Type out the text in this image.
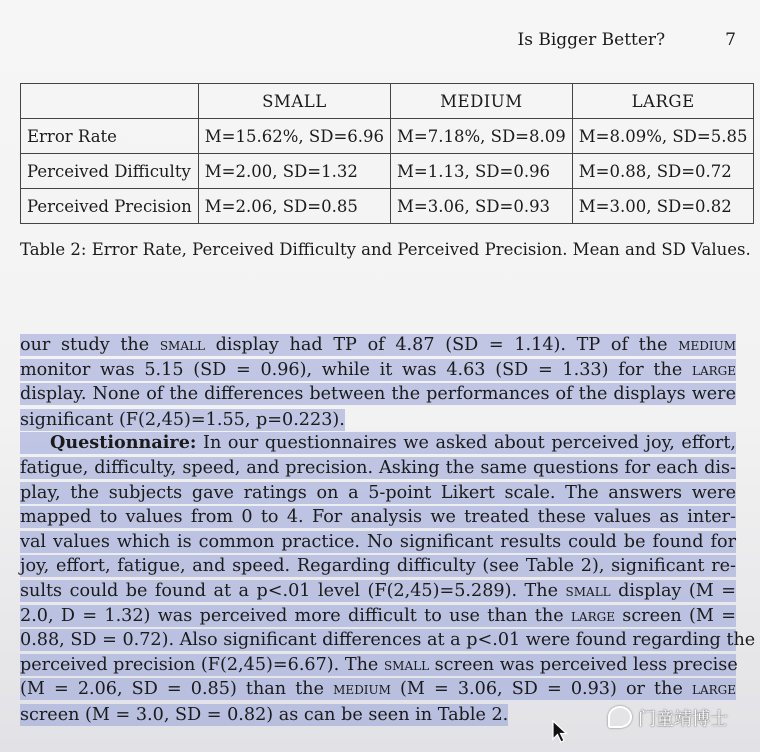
Is Bigger Better?	7
	SMALL	MEDIUM	LARGE
Error Rate	M=15.62%, SD=6.96	M=7.18%, SD=8.09	M=8.09%, SD=5.85
Perceived Difficulty	M=2.00, SD=1.32	M=1.13, SD=0.96	M=0.88, SD=0.72
Perceived Precision	M=2.06, SD=0.85	M=3.06, SD=0.93	M=3.00, SD=0.82
Table 2: Error Rate, Perceived Difficulty and Perceived Precision. Mean and SD Values.
our study the small display had TP of 4.87 (SD = 1.14). TP of the medium
monitor was 5.15 (SD = 0.96), while it was 4.63 (SD = 1.33) for the large
display. None of the differences between the performances of the displays were
significant (F(2,45)=1.55, p=0.223).
Questionnaire: In our questionnaires we asked about perceived joy, effort,
fatigue, difficulty, speed, and precision. Asking the same questions for each dis-
play, the subjects gave ratings on a 5-point Likert scale. The answers were
mapped to values from 0 to 4. For analysis we treated these values as inter-
val values which is common practice. No significant results could be found for
joy, effort, fatigue, and speed. Regarding difficulty (see Table 2), significant re-
sults could be found at a p<.01 level (F(2,45)=5.289). The small display (M =
2.0, D = 1.32) was perceived more difficult to use than the large screen (M =
0.88, SD = 0.72). Also significant differences at a p<.01 were found regarding the
perceived precision (F(2,45)=6.67). The small screen was perceived less precise
(M = 2.06, SD = 0.85) than the medium (M = 3.06, SD = 0.93) or the large
screen (M = 3.0, SD = 0.82) as can be seen in Table 2.	门童靖博士
